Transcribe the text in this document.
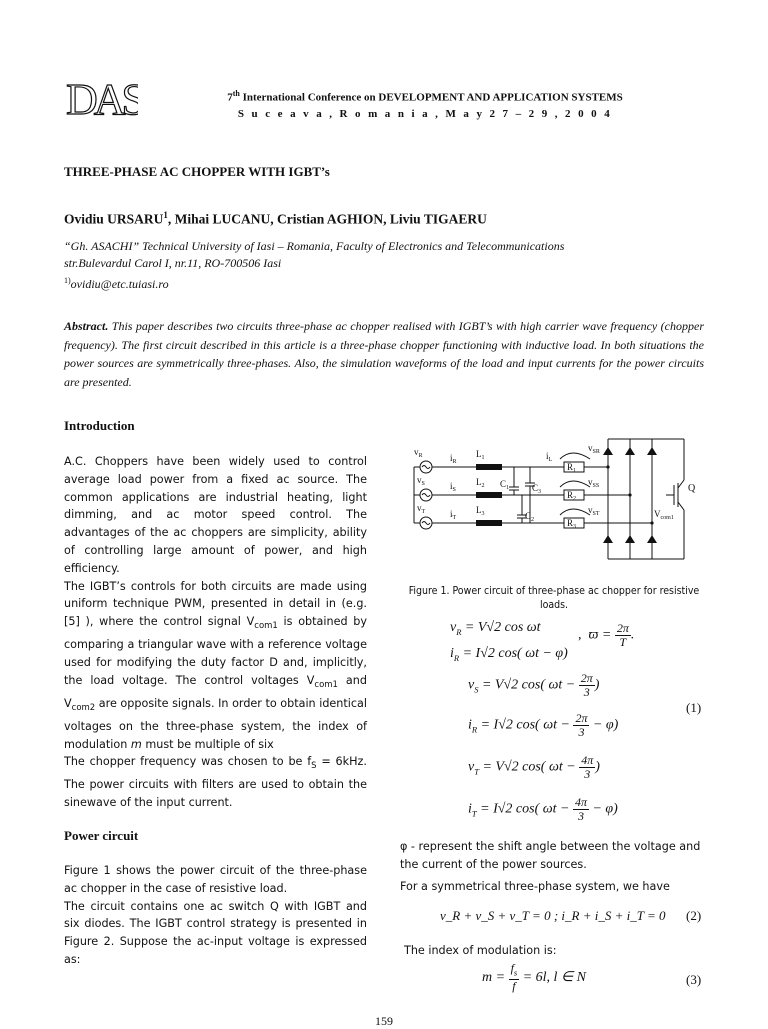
DAS	7th International Conference on DEVELOPMENT AND APPLICATION SYSTEMS
S u c e a v a , R o m a n i a , M a y 2 7 – 2 9 , 2 0 0 4
THREE-PHASE AC CHOPPER WITH IGBT’s
Ovidiu URSARU$^1$, Mihai LUCANU, Cristian AGHION, Liviu TIGAERU
“Gh. ASACHI” Technical University of Iasi – Romania, Faculty of Electronics and Telecommunications
str.Bulevardul Carol I, nr.11, RO-700506 Iasi
$^{1)}$ovidiu@etc.tuiasi.ro
Abstract. This paper describes two circuits three-phase ac chopper realised with IGBT’s with high carrier wave frequency (chopper frequency). The first circuit described in this article is a three-phase chopper functioning with inductive load. In both situations the power sources are symmetrically three-phases. Also, the simulation waveforms of the load and input currents for the power circuits are presented.
Introduction
A.C. Choppers have been widely used to control average load power from a fixed ac source. The common applications are industrial heating, light dimming, and ac motor speed control. The advantages of the ac choppers are simplicity, ability of controlling large amount of power, and high efficiency.
The IGBT’s controls for both circuits are made using uniform technique PWM, presented in detail in (e.g. [5] ), where the control signal $V_{com1}$ is obtained by comparing a triangular wave with a reference voltage used for modifying the duty factor D and, implicitly, the load voltage. The control voltages $V_{com1}$ and $V_{com2}$ are opposite signals. In order to obtain identical voltages on the three-phase system, the index of modulation m must be multiple of six
The chopper frequency was chosen to be $f_S = 6kHz$. The power circuits with filters are used to obtain the sinewave of the input current.
Power circuit
Figure 1 shows the power circuit of the three-phase ac chopper in the case of resistive load.
The circuit contains one ac switch Q with IGBT and six diodes. The IGBT control strategy is presented in Figure 2. Suppose the ac-input voltage is expressed as:
$v_R$
$v_S$
$v_T$
$i_R$
$i_S$
$i_T$
$L_1$
$L_2$
$L_3$
$C_1$
$C_2$
$C_3$
$R_1$
$R_2$
$R_3$
$i_L$
$v_{SR}$
$v_{SS}$
$v_{ST}$
Q
$V_{com1}$
Figure 1. Power circuit of three-phase ac chopper for resistive loads.
$v_R = V√2$ cos ωt
$i_R = I√2$ cos( ωt − φ)
, $ϖ = \frac{2\pi}{T}$ .
$v_S = V√2$ cos( $\omega t - \frac{2\pi}{3}$ )
$i_R = I√2$ cos( $\omega t - \frac{2\pi}{3} - \varphi$)
(1)
$v_T = V√2$ cos( $\omega t - \frac{4\pi}{3}$ )
$i_T = I√2$ cos( $\omega t - \frac{4\pi}{3} - \varphi$)
φ - represent the shift angle between the voltage and the current of the power sources.
For a symmetrical three-phase system, we have
v_R + v_S + v_T = 0 ; i_R + i_S + i_T = 0 (2)
The index of modulation is:
$m = \frac{f_s}{f} = 6l$, l ∈ N	(3)
159
